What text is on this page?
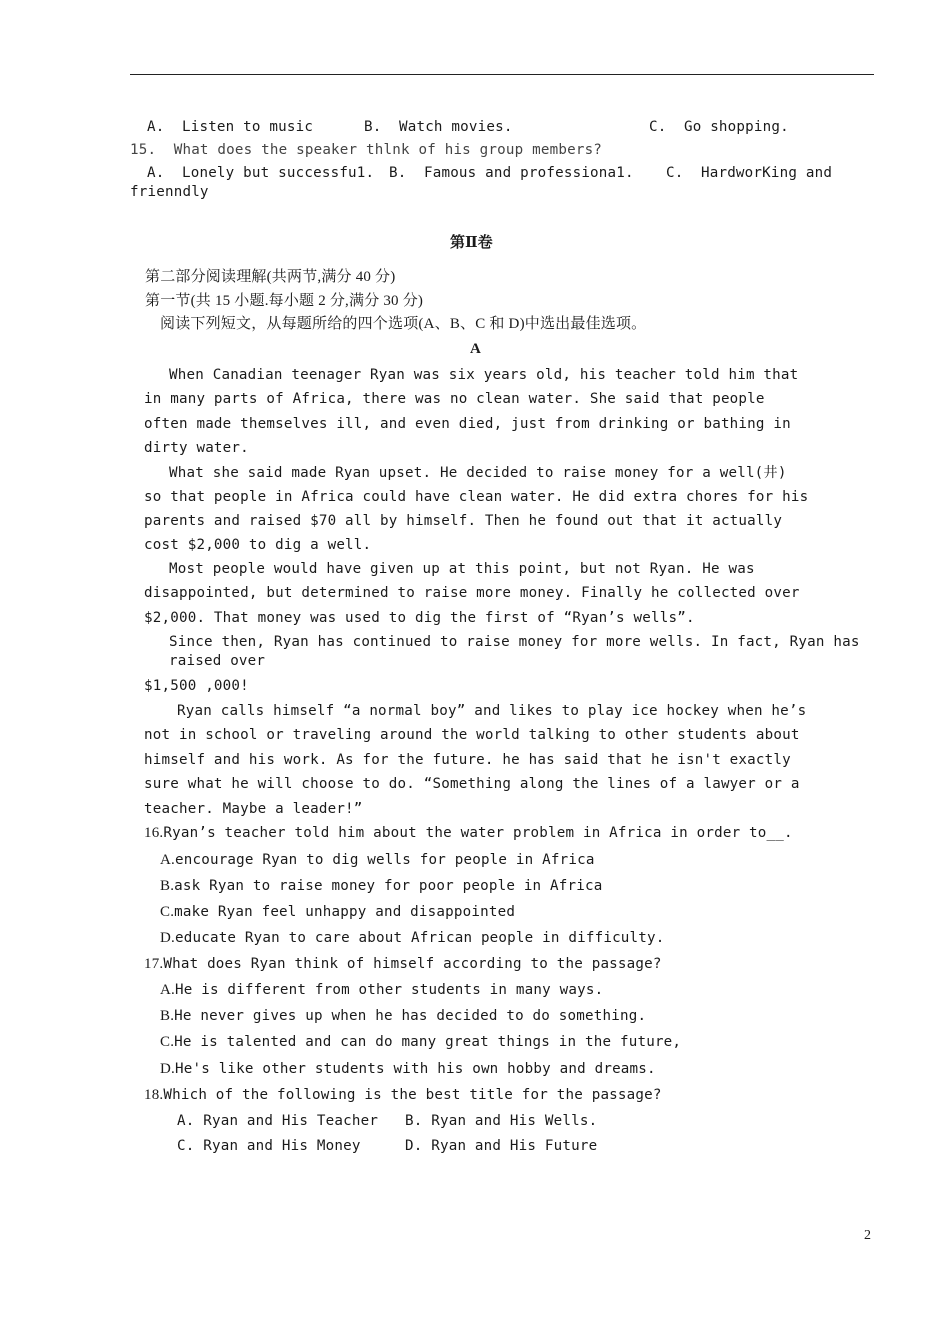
A.  Listen to music	B.  Watch movies.	C.  Go shopping.
15.  What does the speaker thlnk of his group members?
A.  Lonely but successfu1. B.  Famous and professiona1. C.  HardworKing and
frienndly
第Ⅱ卷
第二部分阅读理解(共两节,满分 40 分)
第一节(共 15 小题.每小题 2 分,满分 30 分)
阅读下列短文，从每题所给的四个选项(A、B、C 和 D)中选出最佳选项。
A
When Canadian teenager Ryan was six years old, his teacher told him that
in many parts of Africa, there was no clean water. She said that people
often made themselves ill, and even died, just from drinking or bathing in
dirty water.
What she said made Ryan upset. He decided to raise money for a well(井)
so that people in Africa could have clean water. He did extra chores for his
parents and raised $70 all by himself. Then he found out that it actually
cost $2,000 to dig a well.
Most people would have given up at this point, but not Ryan. He was
disappointed, but determined to raise more money. Finally he collected over
$2,000. That money was used to dig the first of “Ryan’s wells”.
Since then, Ryan has continued to raise money for more wells. In fact, Ryan has
raised over
$1,500 ,000!
Ryan calls himself “a normal boy” and likes to play ice hockey when he’s
not in school or traveling around the world talking to other students about
himself and his work. As for the future. he has said that he isn't exactly
sure what he will choose to do. “Something along the lines of a lawyer or a
teacher. Maybe a leader!”
16.Ryan’s teacher told him about the water problem in Africa in order to__.
A.encourage Ryan to dig wells for people in Africa
B.ask Ryan to raise money for poor people in Africa
C.make Ryan feel unhappy and disappointed
D.educate Ryan to care about African people in difficulty.
17.What does Ryan think of himself according to the passage?
A.He is different from other students in many ways.
B.He never gives up when he has decided to do something.
C.He is talented and can do many great things in the future,
D.He's like other students with his own hobby and dreams.
18.Which of the following is the best title for the passage?
A. Ryan and His Teacher B. Ryan and His Wells.
C. Ryan and His Money	D. Ryan and His Future
2
